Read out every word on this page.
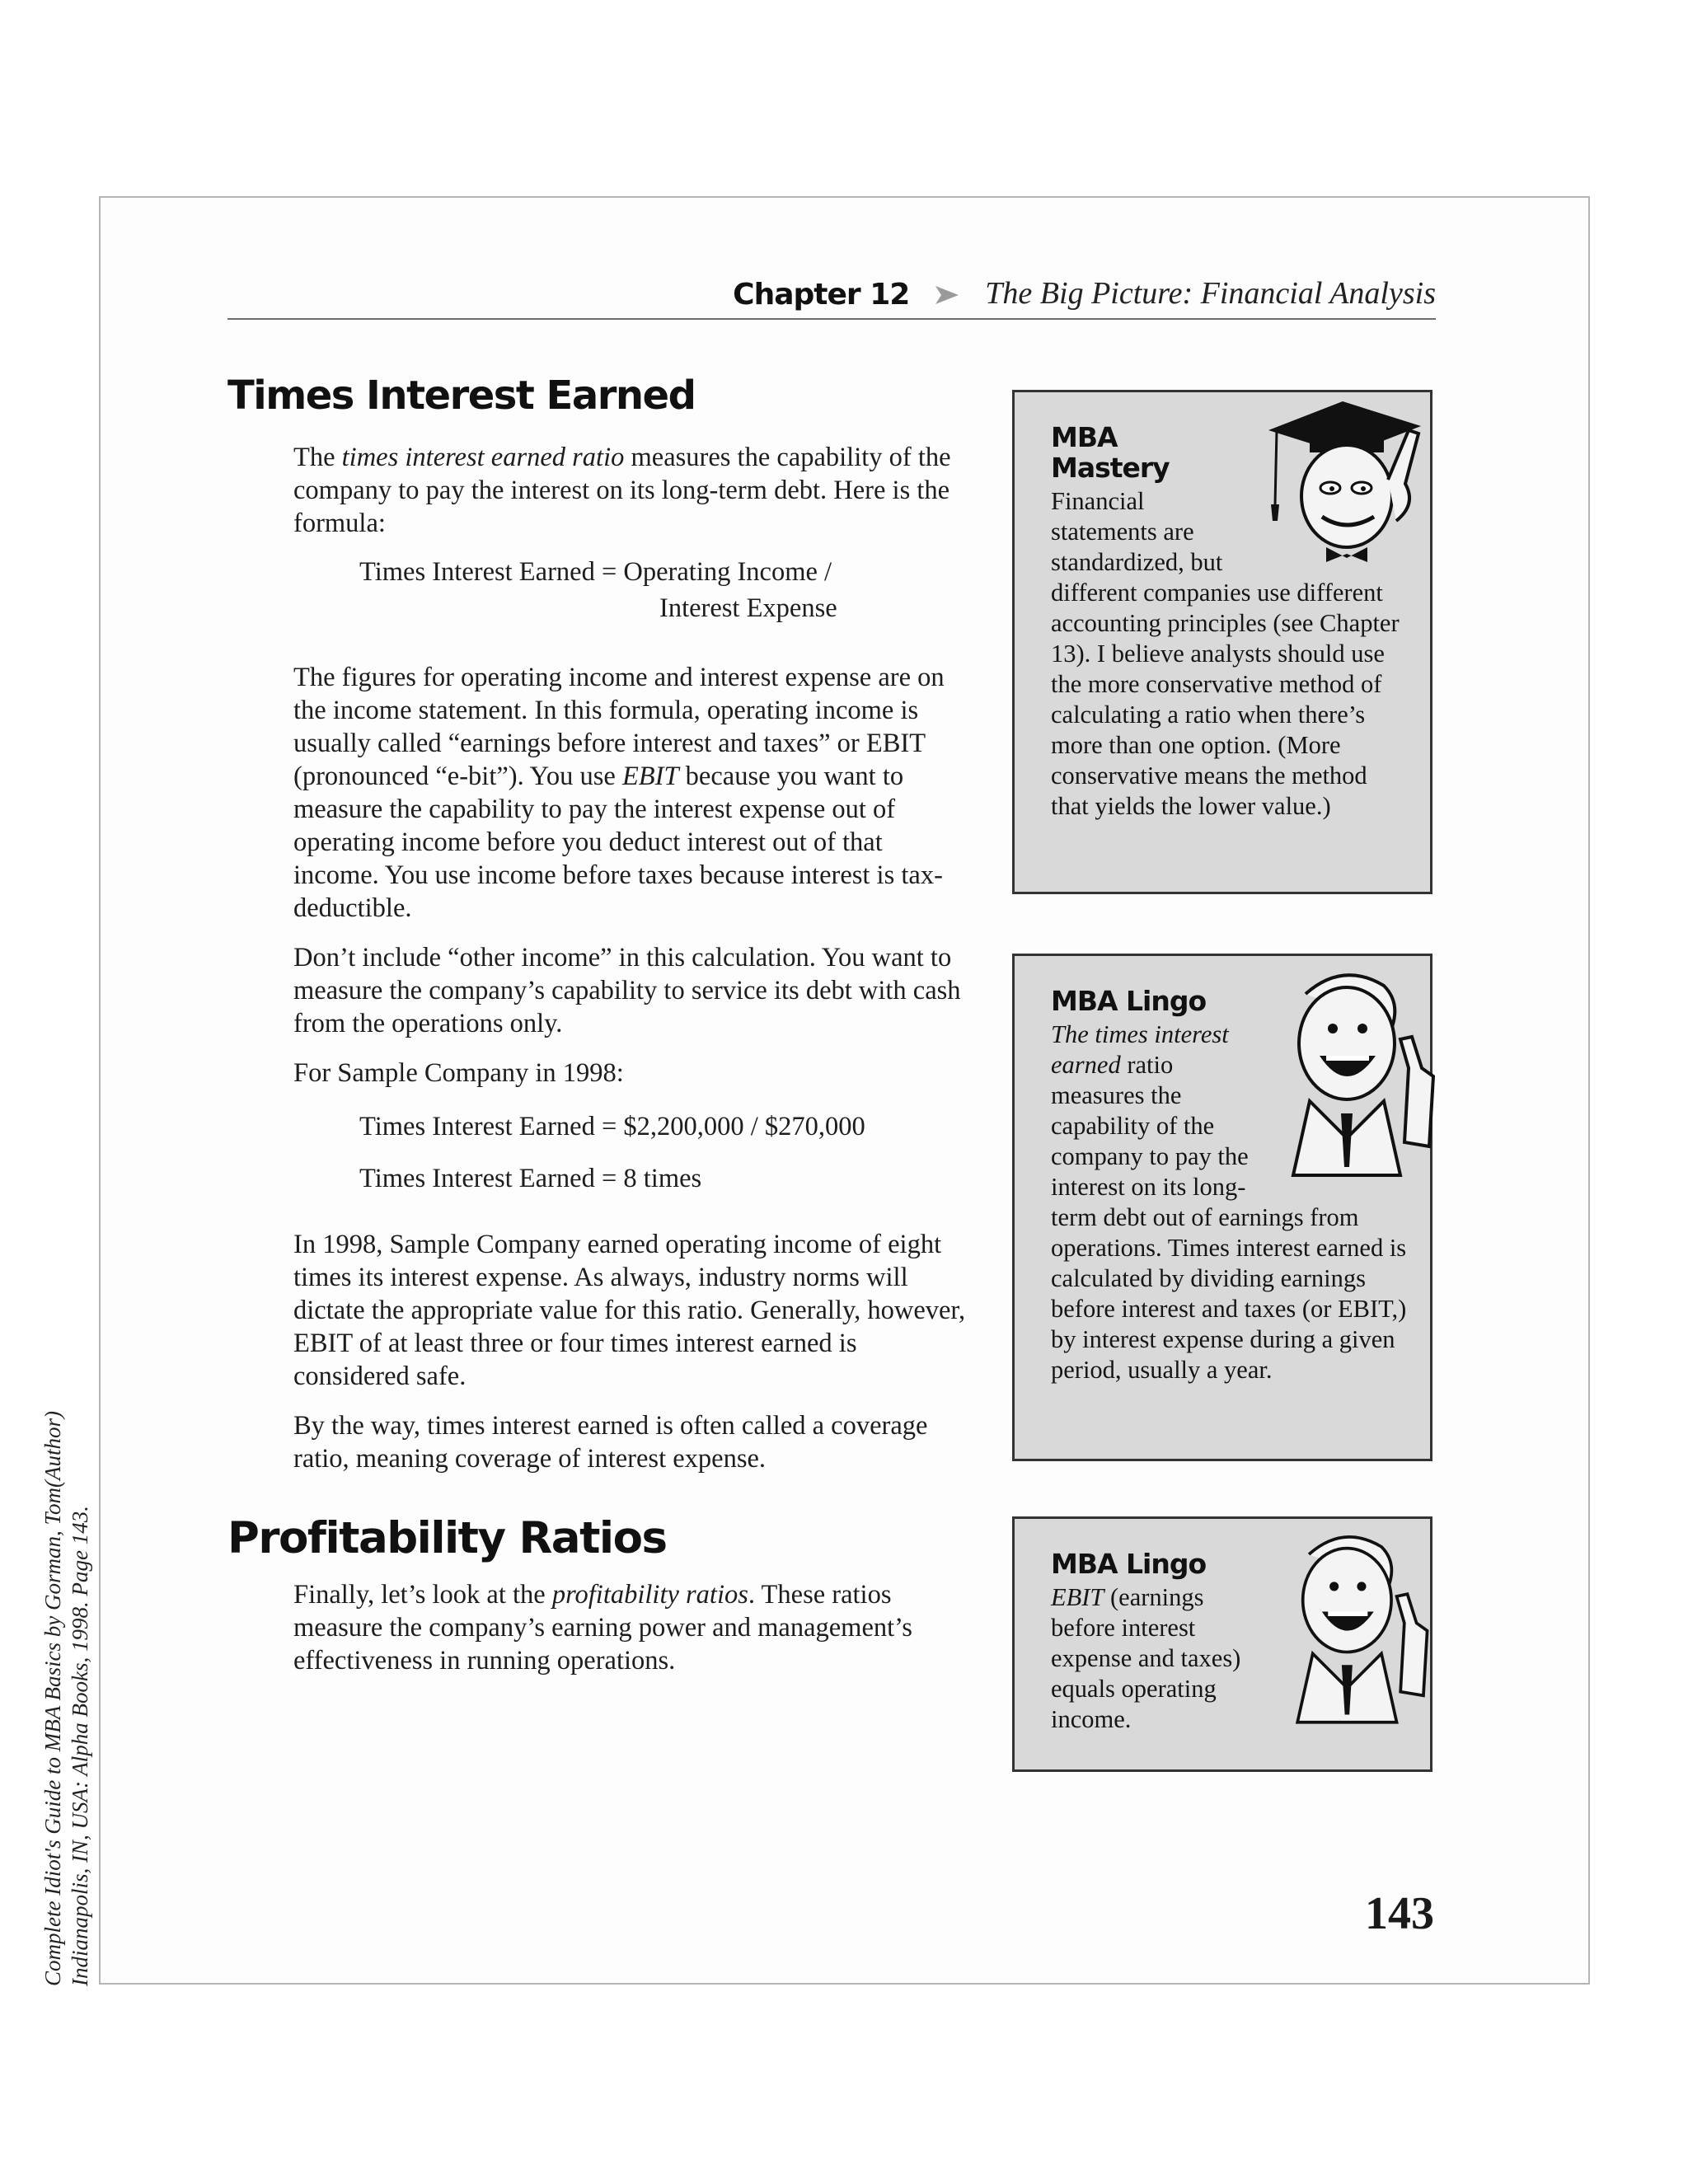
Complete Idiot's Guide to MBA Basics by Gorman, Tom(Author) Indianapolis, IN, USA: Alpha Books, 1998. Page 143.
Chapter 12 The Big Picture: Financial Analysis
Times Interest Earned

The times interest earned ratio measures the capability of the company to pay the interest on its long-term debt. Here is the formula:

Times Interest Earned = Operating Income /
Interest Expense

The figures for operating income and interest expense are on the income statement. In this formula, operating income is usually called “earnings before interest and taxes” or EBIT (pronounced “e-bit”). You use EBIT because you want to measure the capability to pay the interest expense out of operating income before you deduct interest out of that income. You use income before taxes because interest is tax-deductible.

Don’t include “other income” in this calculation. You want to measure the company’s capability to service its debt with cash from the operations only.

For Sample Company in 1998:

Times Interest Earned = $2,200,000 / $270,000
Times Interest Earned = 8 times

In 1998, Sample Company earned operating income of eight times its interest expense. As always, industry norms will dictate the appropriate value for this ratio. Generally, however, EBIT of at least three or four times interest earned is considered safe.

By the way, times interest earned is often called a coverage ratio, meaning coverage of interest expense.

Profitability Ratios

Finally, let’s look at the profitability ratios. These ratios measure the company’s earning power and management’s effectiveness in running operations.

MBA Mastery
Financial statements are standardized, but different companies use different accounting principles (see Chapter 13). I believe analysts should use the more conservative method of calculating a ratio when there’s more than one option. (More conservative means the method that yields the lower value.)
MBA Lingo
The times interest earned ratio measures the capability of the company to pay the interest on its long-term debt out of earnings from operations. Times interest earned is calculated by dividing earnings before interest and taxes (or EBIT,) by interest expense during a given period, usually a year.
MBA Lingo
EBIT (earnings before interest expense and taxes) equals operating income.
143
